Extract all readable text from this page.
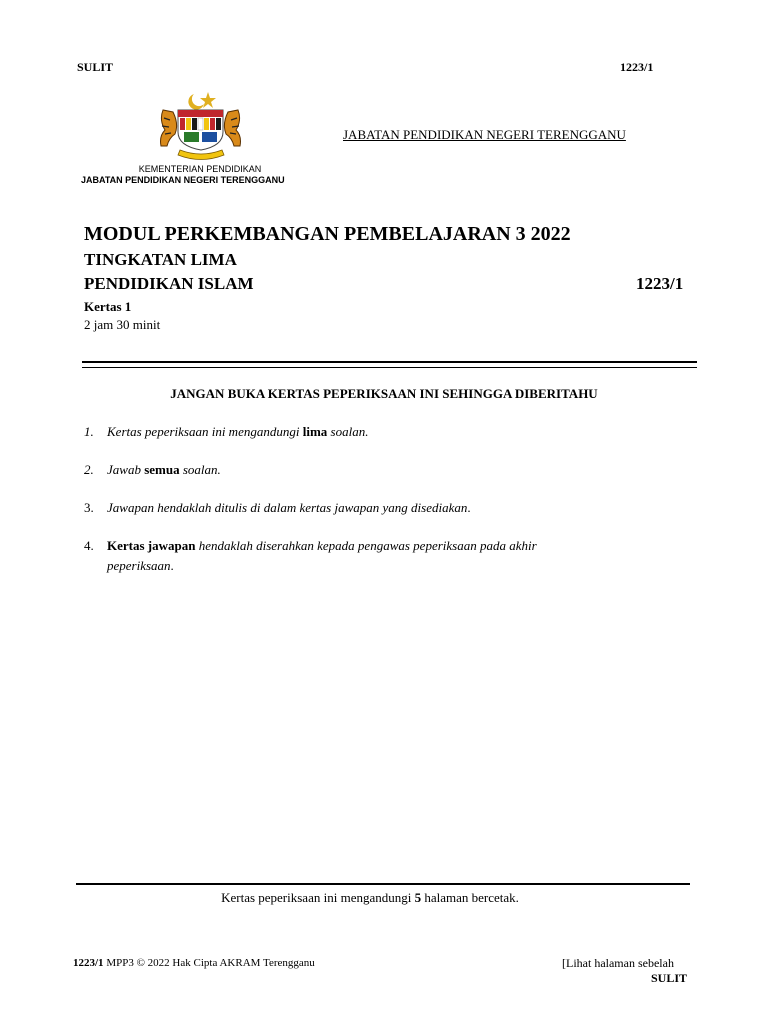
SULIT	1223/1
KEMENTERIAN PENDIDIKAN
JABATAN PENDIDIKAN NEGERI TERENGGANU
JABATAN PENDIDIKAN NEGERI TERENGGANU
MODUL PERKEMBANGAN PEMBELAJARAN 3 2022
TINGKATAN LIMA
PENDIDIKAN ISLAM	1223/1
Kertas 1
2 jam 30 minit
JANGAN BUKA KERTAS PEPERIKSAAN INI SEHINGGA DIBERITAHU
1. Kertas peperiksaan ini mengandungi lima soalan.
2. Jawab semua soalan.
3. Jawapan hendaklah ditulis di dalam kertas jawapan yang disediakan.
4. Kertas jawapan hendaklah diserahkan kepada pengawas peperiksaan pada akhir
peperiksaan.
Kertas peperiksaan ini mengandungi 5 halaman bercetak.
1223/1 MPP3 © 2022 Hak Cipta AKRAM Terengganu	[Lihat halaman sebelah
SULIT
